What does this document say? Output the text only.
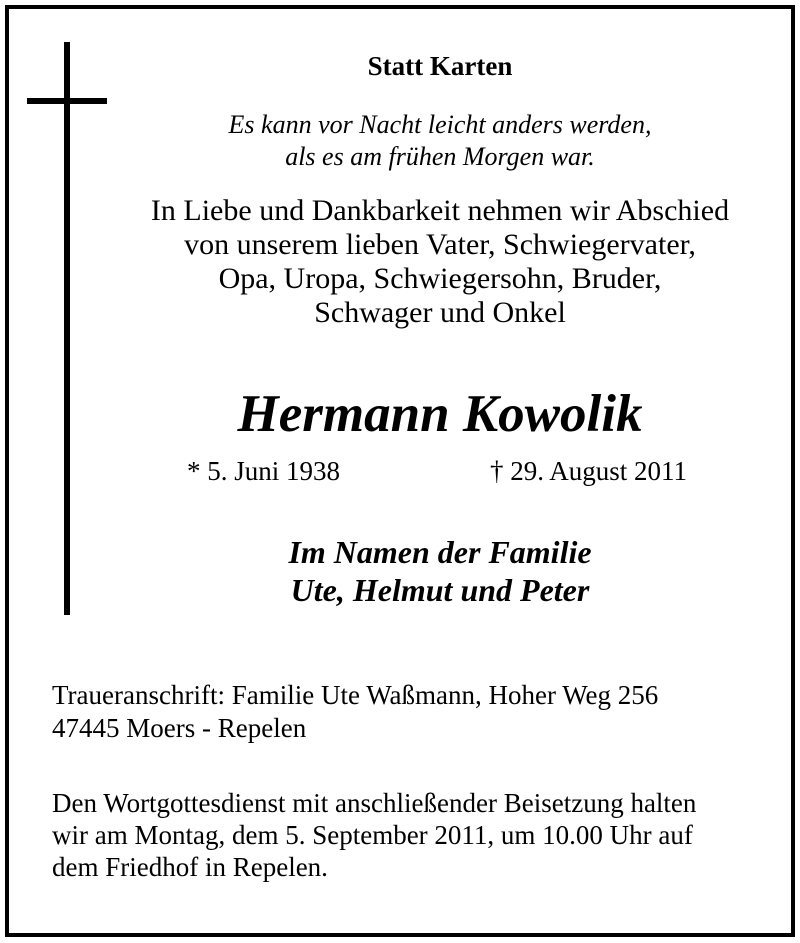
Statt Karten
Es kann vor Nacht leicht anders werden,
als es am frühen Morgen war.
In Liebe und Dankbarkeit nehmen wir Abschied
von unserem lieben Vater, Schwiegervater,
Opa, Uropa, Schwiegersohn, Bruder,
Schwager und Onkel
Hermann Kowolik
* 5. Juni 1938	† 29. August 2011
Im Namen der Familie
Ute, Helmut und Peter
Traueranschrift: Familie Ute Waßmann, Hoher Weg 256
47445 Moers - Repelen
Den Wortgottesdienst mit anschließender Beisetzung halten
wir am Montag, dem 5. September 2011, um 10.00 Uhr auf
dem Friedhof in Repelen.
